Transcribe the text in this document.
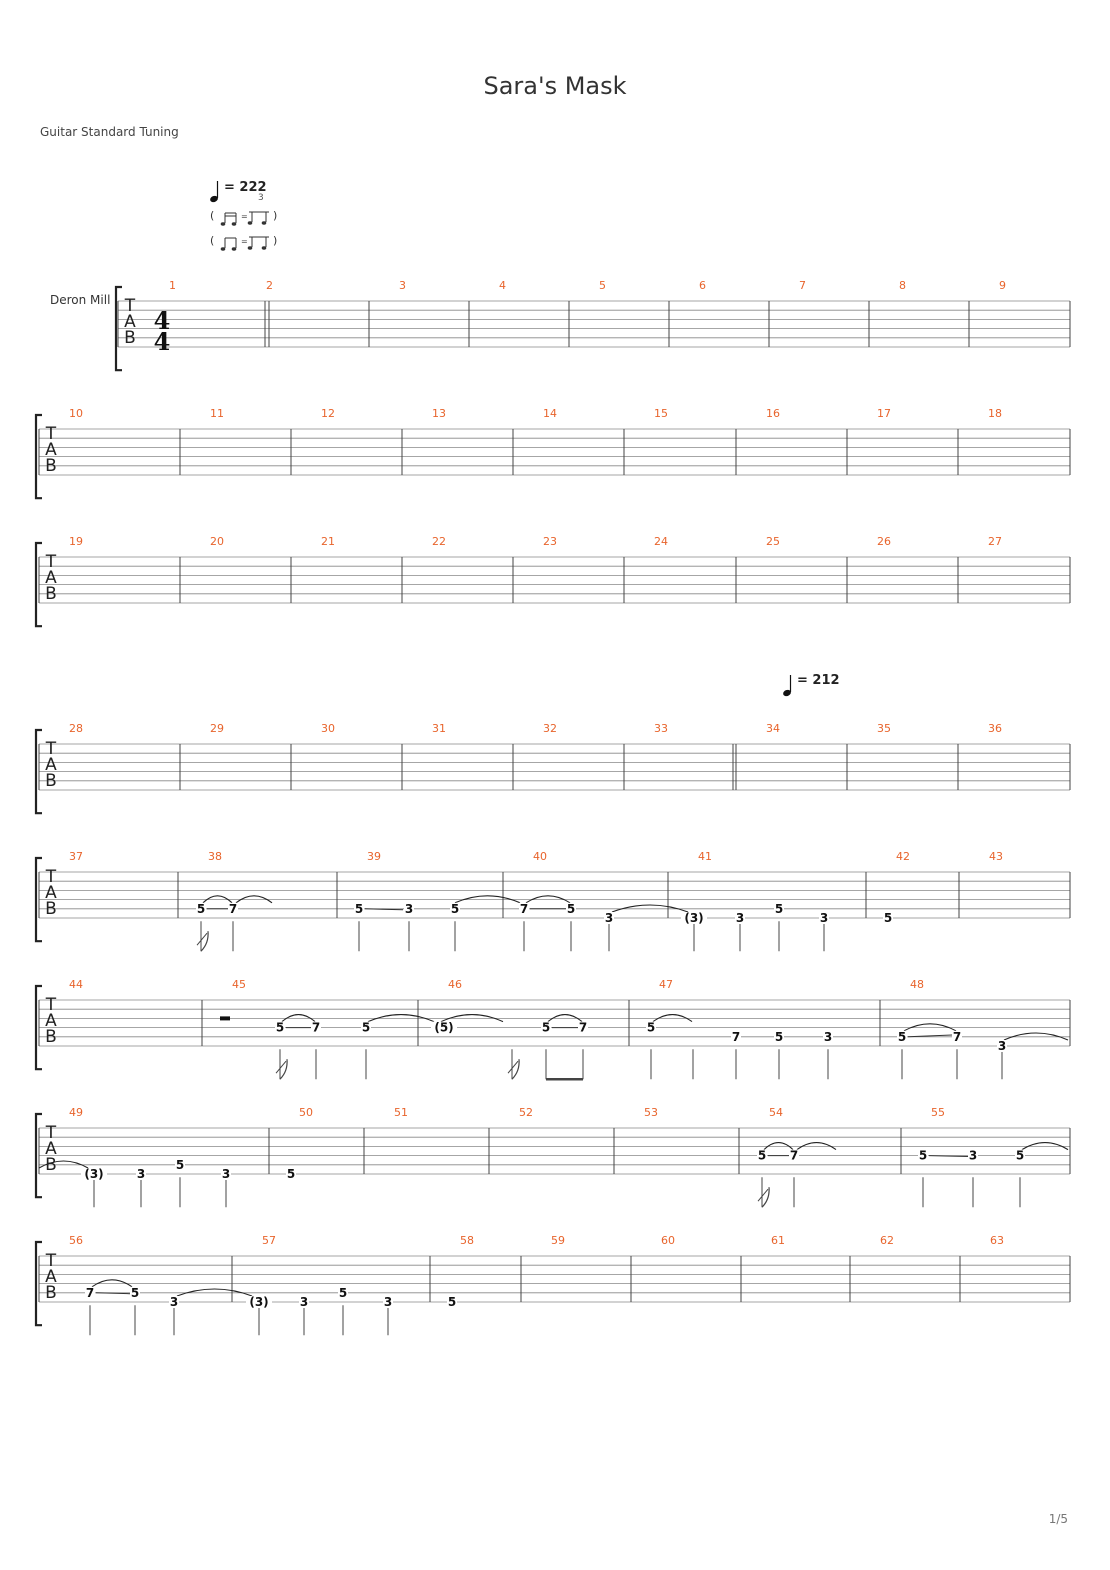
Sara's Mask
Guitar Standard Tuning
Deron Mill
= 222
= 212
3
1/5
(	)
(	)
=
=
T
A
B
4
4
1	2	3	4	5	6	7	8	9
T
A
B
10	11	12	13	14	15	16	17	18
T
A
B
19	20	21	22	23	24	25	26	27
T
A
B
28	29	30	31	32	33	34	35	36
T
A
B
37	38	39	40	41	42	43
5 7	5	3	5	7	5
3	(3)	3
5
3	5
T
A
B
44	45	46	47	48
5 7	5	(5)	5 7	5
7	5	3	5	7
3
T
A
B
49	50	51	52	53	54	55
(3)	3
5
3	5
5 7	5	3	5
T
A
B
56	57	58	59	60	61	62	63
7	5
3	(3)	3
5
3	5
